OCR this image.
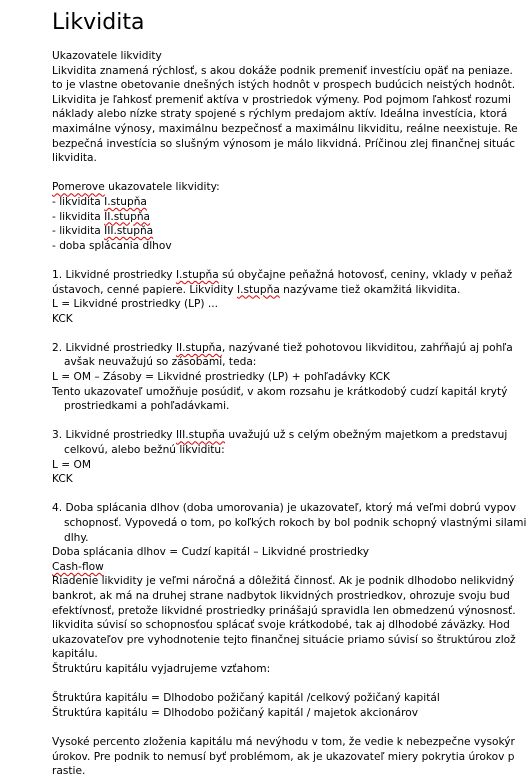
Likvidita
Ukazovatele likvidity
Likvidita znamená rýchlosť, s akou dokáže podnik premeniť investíciu opäť na peniaze.
to je vlastne obetovanie dnešných istých hodnôt v prospech budúcich neistých hodnôt.
Likvidita je ľahkosť premeniť aktíva v prostriedok výmeny. Pod pojmom ľahkosť rozumi
náklady alebo nízke straty spojené s rýchlym predajom aktív. Ideálna investícia, ktorá
maximálne výnosy, maximálnu bezpečnosť a maximálnu likviditu, reálne neexistuje. Re
bezpečná investícia so slušným výnosom je málo likvidná. Príčinou zlej finančnej situác
likvidita.
Pomerove ukazovatele likvidity:
- likvidita I.stupňa
- likvidita II.stupňa
- likvidita III.stupňa
- doba splácania dlhov
1. Likvidné prostriedky I.stupňa sú obyčajne peňažná hotovosť, ceniny, vklady v peňaž
ústavoch, cenné papiere. Likvidity I.stupňa nazývame tiež okamžitá likvidita.
L = Likvidné prostriedky (LP) ...
KCK
2. Likvidné prostriedky II.stupňa, nazývané tiež pohotovou likviditou, zahŕňajú aj pohľa
avšak neuvažujú so zásobami, teda:
L = OM – Zásoby = Likvidné prostriedky (LP) + pohľadávky KCK
Tento ukazovateľ umožňuje posúdiť, v akom rozsahu je krátkodobý cudzí kapitál krytý
prostriedkami a pohľadávkami.
3. Likvidné prostriedky III.stupňa uvažujú už s celým obežným majetkom a predstavuj
celkovú, alebo bežnú likviditu:
L = OM
KCK
4. Doba splácania dlhov (doba umorovania) je ukazovateľ, ktorý má veľmi dobrú vypov
schopnosť. Vypovedá o tom, po koľkých rokoch by bol podnik schopný vlastnými silami
dlhy.
Doba splácania dlhov = Cudzí kapitál – Likvidné prostriedky
Cash-flow
Riadenie likvidity je veľmi náročná a dôležitá činnosť. Ak je podnik dlhodobo nelikvidný
bankrot, ak má na druhej strane nadbytok likvidných prostriedkov, ohrozuje svoju bud
efektívnosť, pretože likvidné prostriedky prinášajú spravidla len obmedzenú výnosnosť.
likvidita súvisí so schopnosťou splácať svoje krátkodobé, tak aj dlhodobé záväzky. Hod
ukazovateľov pre vyhodnotenie tejto finančnej situácie priamo súvisí so štruktúrou zlož
kapitálu.
Štruktúru kapitálu vyjadrujeme vzťahom:
Štruktúra kapitálu = Dlhodobo požičaný kapitál /celkový požičaný kapitál
Štruktúra kapitálu = Dlhodobo požičaný kapitál / majetok akcionárov
Vysoké percento zloženia kapitálu má nevýhodu v tom, že vedie k nebezpečne vysokýr
úrokov. Pre podnik to nemusí byť problémom, ak je ukazovateľ miery pokrytia úrokov p
rastie.
